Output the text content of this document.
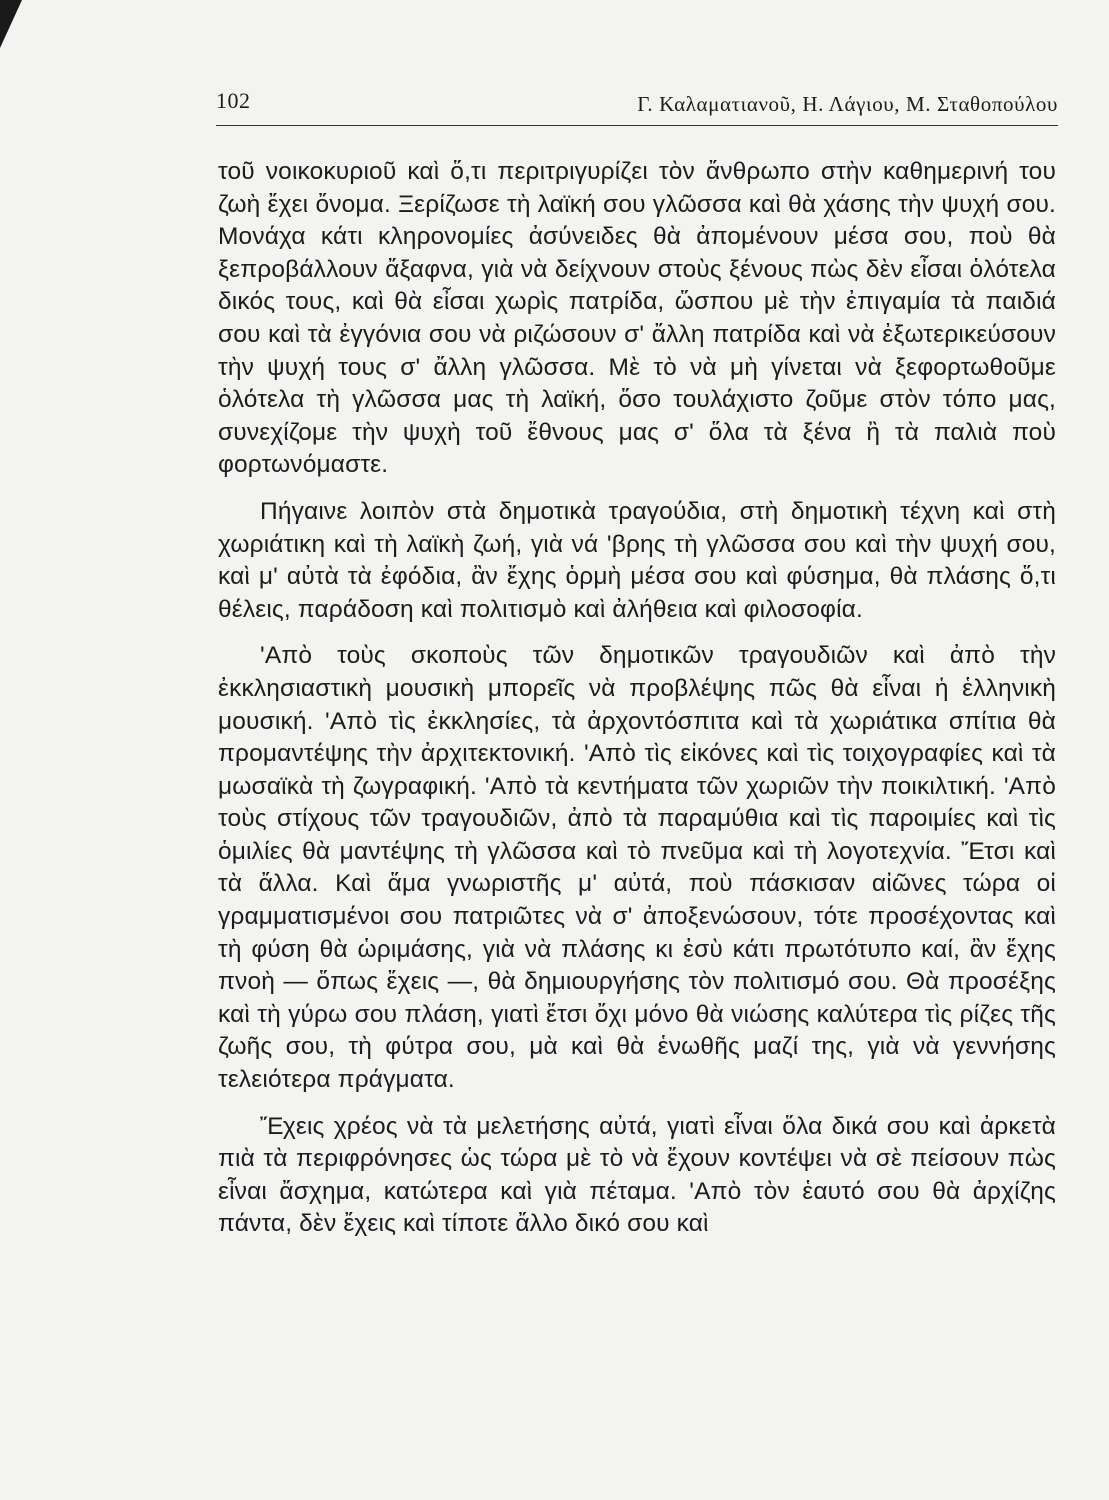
102	Γ. Καλαματιανοῦ, Η. Λάγιου, Μ. Σταθοπούλου

τοῦ νοικοκυριοῦ καὶ ὅ,τι περιτριγυρίζει τὸν ἄνθρωπο στὴν καθημερινή του ζωὴ ἔχει ὄνομα. Ξερίζωσε τὴ λαϊκή σου γλῶσσα καὶ θὰ χάσης τὴν ψυχή σου. Μονάχα κάτι κληρονομίες ἀσύνειδες θὰ ἀπομένουν μέσα σου, ποὺ θὰ ξεπροβάλλουν ἄξαφνα, γιὰ νὰ δείχνουν στοὺς ξένους πὼς δὲν εἶσαι ὁλότελα δικός τους, καὶ θὰ εἶσαι χωρὶς πατρίδα, ὥσπου μὲ τὴν ἐπιγαμία τὰ παιδιά σου καὶ τὰ ἐγγόνια σου νὰ ριζώσουν σ' ἄλλη πατρίδα καὶ νὰ ἐξωτερικεύσουν τὴν ψυχή τους σ' ἄλλη γλῶσσα. Μὲ τὸ νὰ μὴ γίνεται νὰ ξεφορτωθοῦμε ὁλότελα τὴ γλῶσσα μας τὴ λαϊκή, ὅσο τουλάχιστο ζοῦμε στὸν τόπο μας, συνεχίζομε τὴν ψυχὴ τοῦ ἔθνους μας σ' ὅλα τὰ ξένα ἢ τὰ παλιὰ ποὺ φορτωνόμαστε.

Πήγαινε λοιπὸν στὰ δημοτικὰ τραγούδια, στὴ δημοτικὴ τέχνη καὶ στὴ χωριάτικη καὶ τὴ λαϊκὴ ζωή, γιὰ νά 'βρης τὴ γλῶσσα σου καὶ τὴν ψυχή σου, καὶ μ' αὐτὰ τὰ ἐφόδια, ἂν ἔχης ὁρμὴ μέσα σου καὶ φύσημα, θὰ πλάσης ὅ,τι θέλεις, παράδοση καὶ πολιτισμὸ καὶ ἀλήθεια καὶ φιλοσοφία.

'Απὸ τοὺς σκοποὺς τῶν δημοτικῶν τραγουδιῶν καὶ ἀπὸ τὴν ἐκκλησιαστικὴ μουσικὴ μπορεῖς νὰ προβλέψης πῶς θὰ εἶναι ἡ ἑλληνικὴ μουσική. 'Απὸ τὶς ἐκκλησίες, τὰ ἀρχοντόσπιτα καὶ τὰ χωριάτικα σπίτια θὰ προμαντέψης τὴν ἀρχιτεκτονική. 'Απὸ τὶς εἰκόνες καὶ τὶς τοιχογραφίες καὶ τὰ μωσαϊκὰ τὴ ζωγραφική. 'Απὸ τὰ κεντήματα τῶν χωριῶν τὴν ποικιλτική. 'Απὸ τοὺς στίχους τῶν τραγουδιῶν, ἀπὸ τὰ παραμύθια καὶ τὶς παροιμίες καὶ τὶς ὁμιλίες θὰ μαντέψης τὴ γλῶσσα καὶ τὸ πνεῦμα καὶ τὴ λογοτεχνία. Ἔτσι καὶ τὰ ἄλλα. Καὶ ἅμα γνωριστῆς μ' αὐτά, ποὺ πάσκισαν αἰῶνες τώρα οἱ γραμματισμένοι σου πατριῶτες νὰ σ' ἀποξενώσουν, τότε προσέχοντας καὶ τὴ φύση θὰ ὡριμάσης, γιὰ νὰ πλάσης κι ἐσὺ κάτι πρωτότυπο καί, ἂν ἔχης πνοὴ — ὅπως ἔχεις —, θὰ δημιουργήσης τὸν πολιτισμό σου. Θὰ προσέξης καὶ τὴ γύρω σου πλάση, γιατὶ ἔτσι ὄχι μόνο θὰ νιώσης καλύτερα τὶς ρίζες τῆς ζωῆς σου, τὴ φύτρα σου, μὰ καὶ θὰ ἑνωθῆς μαζί της, γιὰ νὰ γεννήσης τελειότερα πράγματα.

Ἔχεις χρέος νὰ τὰ μελετήσης αὐτά, γιατὶ εἶναι ὅλα δικά σου καὶ ἀρκετὰ πιὰ τὰ περιφρόνησες ὡς τώρα μὲ τὸ νὰ ἔχουν κοντέψει νὰ σὲ πείσουν πὼς εἶναι ἄσχημα, κατώτερα καὶ γιὰ πέταμα. 'Απὸ τὸν ἑαυτό σου θὰ ἀρχίζης πάντα, δὲν ἔχεις καὶ τίποτε ἄλλο δικό σου καὶ
